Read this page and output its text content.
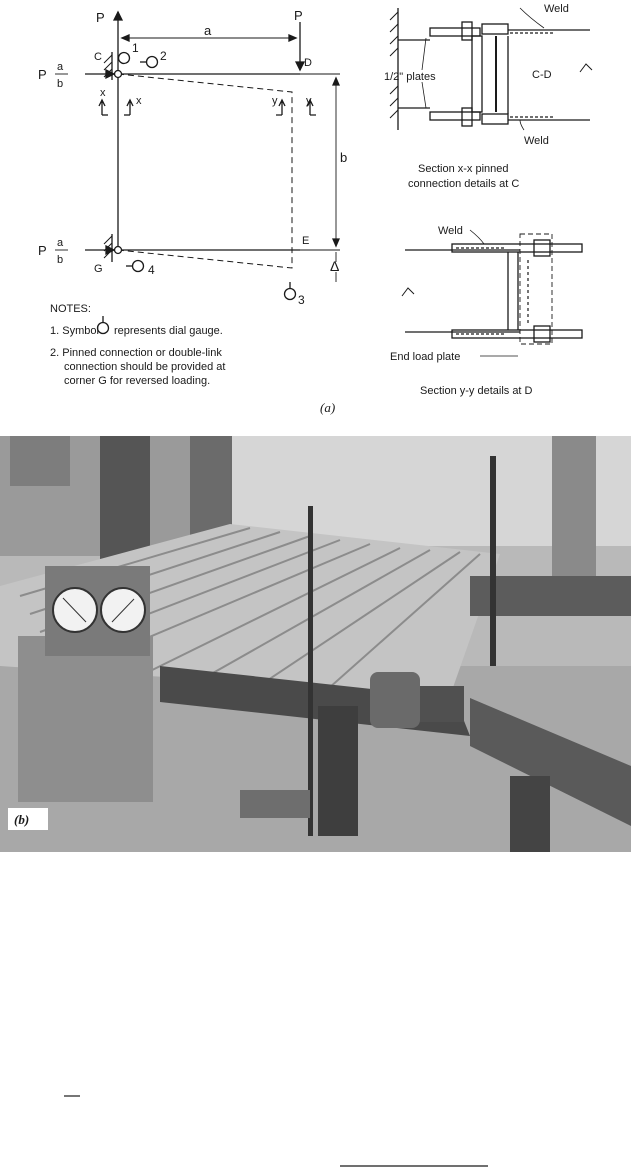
P	P
a
b
C	D
E
G
1
2
3
4
P a
b
P a
b
x
x	y	y
Δ
NOTES:
1. Symbol represents dial gauge.
2. Pinned connection or double-link
connection should be provided at
corner G for reversed loading.
(a)
Weld
Weld
1/2" plates	C-D
Section x-x pinned
connection details at C
Weld
End load plate
Section y-y details at D
(b)
